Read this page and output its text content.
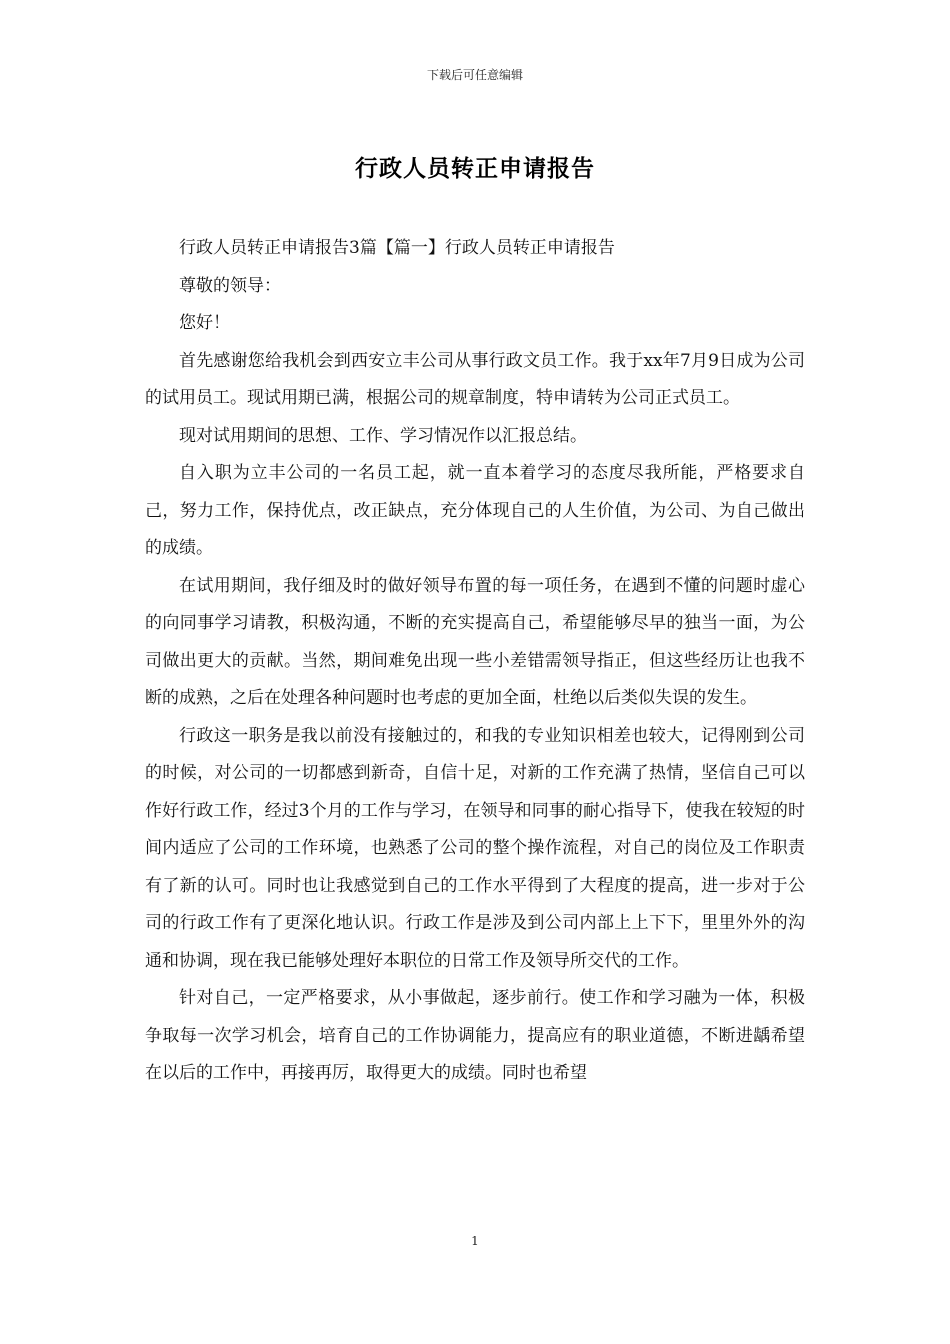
下载后可任意编辑
行政人员转正申请报告

行政人员转正申请报告3篇【篇一】行政人员转正申请报告

尊敬的领导：

您好！

首先感谢您给我机会到西安立丰公司从事行政文员工作。我于xx年7月9日成为公司的试用员工。现试用期已满，根据公司的规章制度，特申请转为公司正式员工。

现对试用期间的思想、工作、学习情况作以汇报总结。

自入职为立丰公司的一名员工起，就一直本着学习的态度尽我所能，严格要求自己，努力工作，保持优点，改正缺点，充分体现自己的人生价值，为公司、为自己做出的成绩。

在试用期间，我仔细及时的做好领导布置的每一项任务，在遇到不懂的问题时虚心的向同事学习请教，积极沟通，不断的充实提高自己，希望能够尽早的独当一面，为公司做出更大的贡献。当然，期间难免出现一些小差错需领导指正，但这些经历让也我不断的成熟，之后在处理各种问题时也考虑的更加全面，杜绝以后类似失误的发生。

行政这一职务是我以前没有接触过的，和我的专业知识相差也较大，记得刚到公司的时候，对公司的一切都感到新奇，自信十足，对新的工作充满了热情，坚信自己可以作好行政工作，经过3个月的工作与学习，在领导和同事的耐心指导下，使我在较短的时间内适应了公司的工作环境，也熟悉了公司的整个操作流程，对自己的岗位及工作职责有了新的认可。同时也让我感觉到自己的工作水平得到了大程度的提高，进一步对于公司的行政工作有了更深化地认识。行政工作是涉及到公司内部上上下下，里里外外的沟通和协调，现在我已能够处理好本职位的日常工作及领导所交代的工作。

针对自己，一定严格要求，从小事做起，逐步前行。使工作和学习融为一体，积极争取每一次学习机会，培育自己的工作协调能力，提高应有的职业道德，不断进龋希望在以后的工作中，再接再厉，取得更大的成绩。同时也希望

1
